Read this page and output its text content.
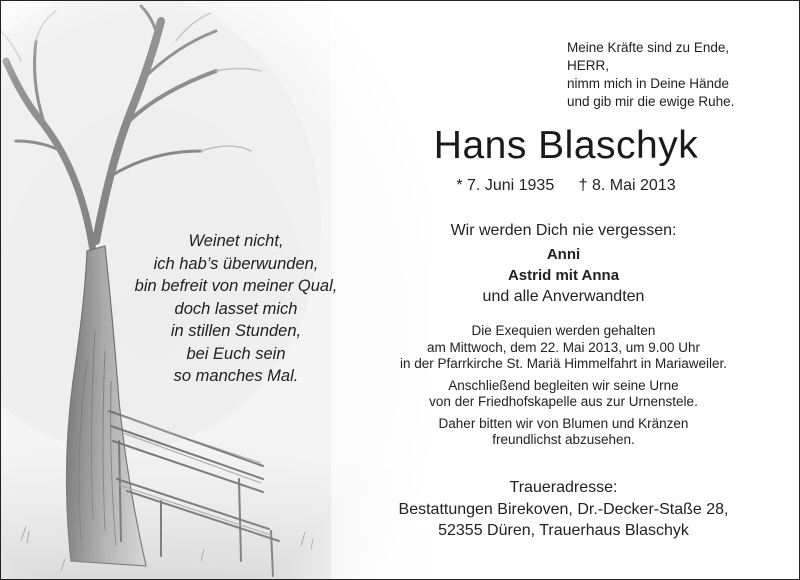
Meine Kräfte sind zu Ende,
HERR,
nimm mich in Deine Hände
und gib mir die ewige Ruhe.
Hans Blaschyk
* 7. Juni 1935 † 8. Mai 2013
Weinet nicht,
ich hab’s überwunden,
bin befreit von meiner Qual,
doch lasset mich
in stillen Stunden,
bei Euch sein
so manches Mal.
Wir werden Dich nie vergessen:
Anni
Astrid mit Anna
und alle Anverwandten
Die Exequien werden gehalten
am Mittwoch, dem 22. Mai 2013, um 9.00 Uhr
in der Pfarrkirche St. Mariä Himmelfahrt in Mariaweiler.
Anschließend begleiten wir seine Urne
von der Friedhofskapelle aus zur Urnenstele.
Daher bitten wir von Blumen und Kränzen
freundlichst abzusehen.
Traueradresse:
Bestattungen Birekoven, Dr.-Decker-Staße 28,
52355 Düren, Trauerhaus Blaschyk
